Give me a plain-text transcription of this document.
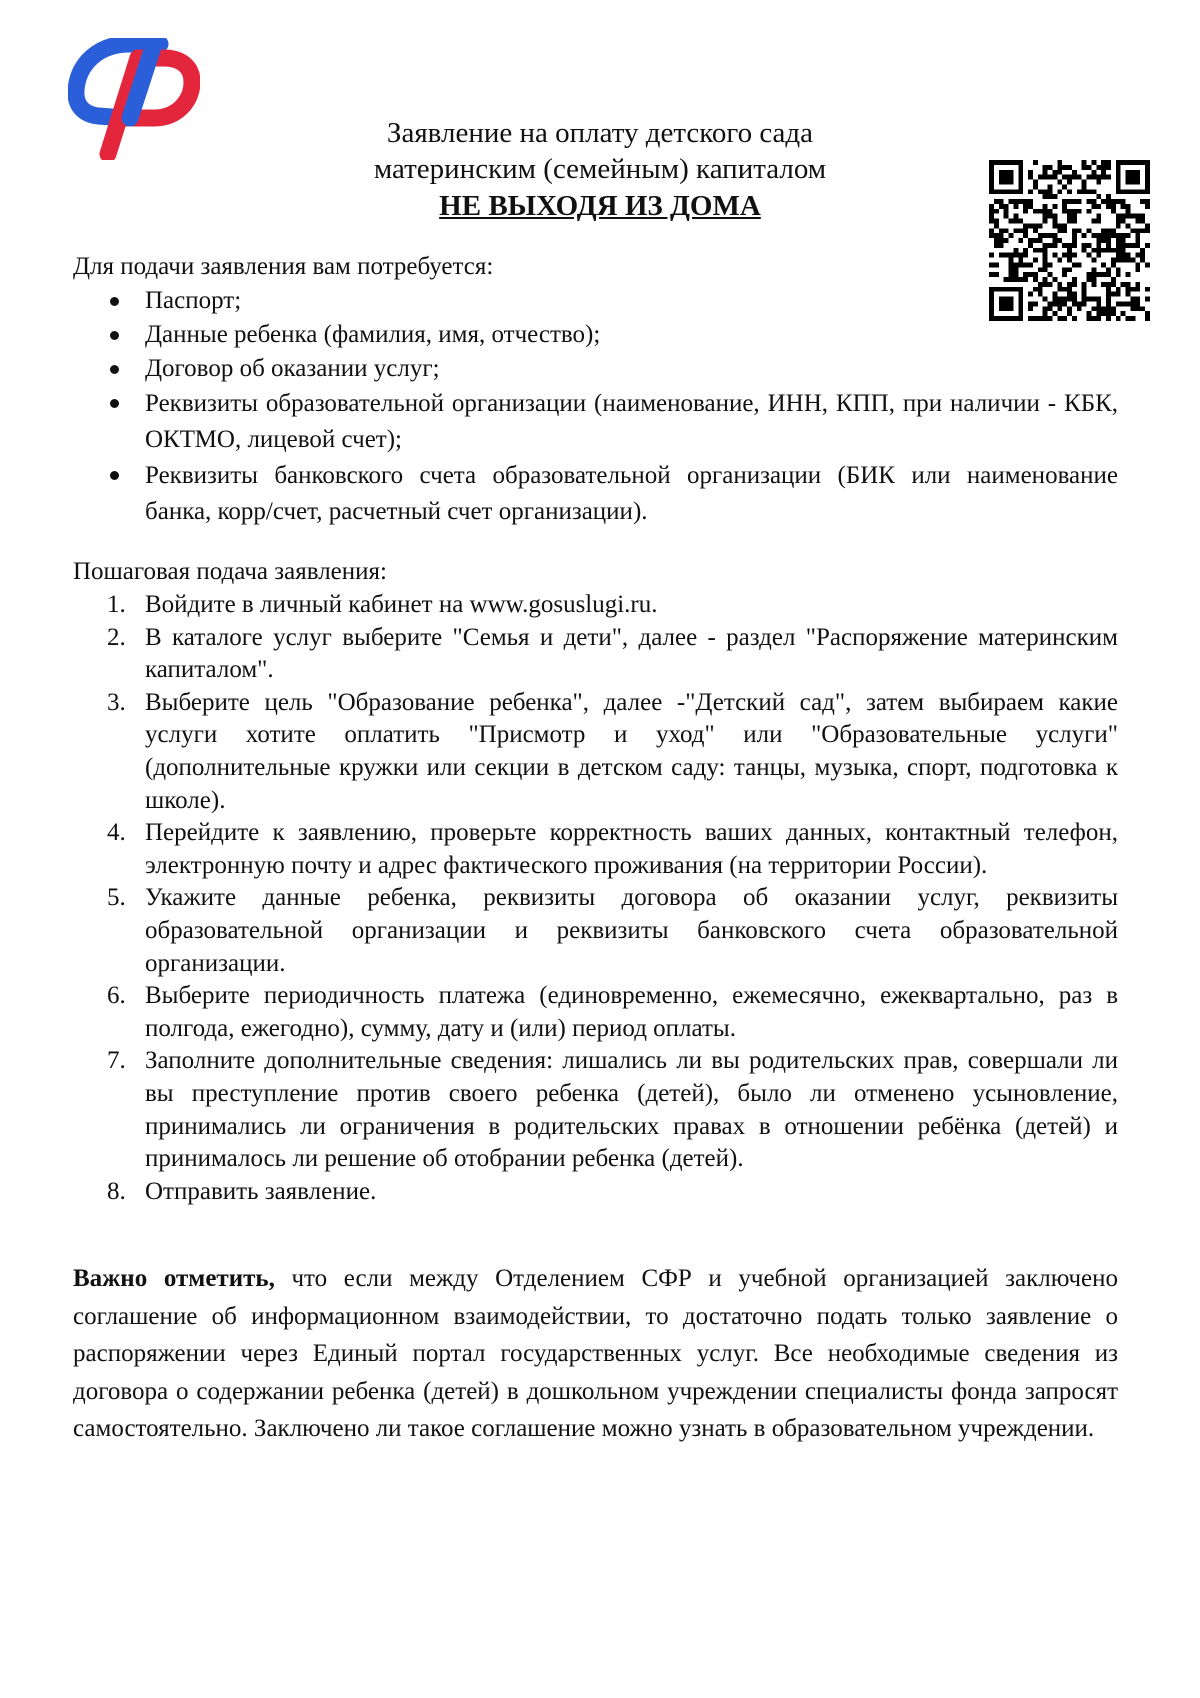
Заявление на оплату детского сада
материнским (семейным) капиталом
НЕ ВЫХОДЯ ИЗ ДОМА

Для подачи заявления вам потребуется:

Паспорт;
Данные ребенка (фамилия, имя, отчество);
Договор об оказании услуг;
Реквизиты образовательной организации (наименование, ИНН, КПП, при наличии - КБК, ОКТМО, лицевой счет);
Реквизиты банковского счета образовательной организации (БИК или наименование банка, корр/счет, расчетный счет организации).

Пошаговая подача заявления:

1. Войдите в личный кабинет на www.gosuslugi.ru.
2. В каталоге услуг выберите "Семья и дети", далее - раздел "Распоряжение материнским капиталом".
3. Выберите цель "Образование ребенка", далее -"Детский сад", затем выбираем какие услуги хотите оплатить "Присмотр и уход" или "Образовательные услуги" (дополнительные кружки или секции в детском саду: танцы, музыка, спорт, подготовка к школе).
4. Перейдите к заявлению, проверьте корректность ваших данных, контактный телефон, электронную почту и адрес фактического проживания (на территории России).
5. Укажите данные ребенка, реквизиты договора об оказании услуг, реквизиты образовательной организации и реквизиты банковского счета образовательной организации.
6. Выберите периодичность платежа (единовременно, ежемесячно, ежеквартально, раз в полгода, ежегодно), сумму, дату и (или) период оплаты.
7. Заполните дополнительные сведения: лишались ли вы родительских прав, совершали ли вы преступление против своего ребенка (детей), было ли отменено усыновление, принимались ли ограничения в родительских правах в отношении ребёнка (детей) и принималось ли решение об отобрании ребенка (детей).
8. Отправить заявление.
Важно отметить, что если между Отделением СФР и учебной организацией заключено соглашение об информационном взаимодействии, то достаточно подать только заявление о распоряжении через Единый портал государственных услуг. Все необходимые сведения из договора о содержании ребенка (детей) в дошкольном учреждении специалисты фонда запросят самостоятельно. Заключено ли такое соглашение можно узнать в образовательном учреждении.
